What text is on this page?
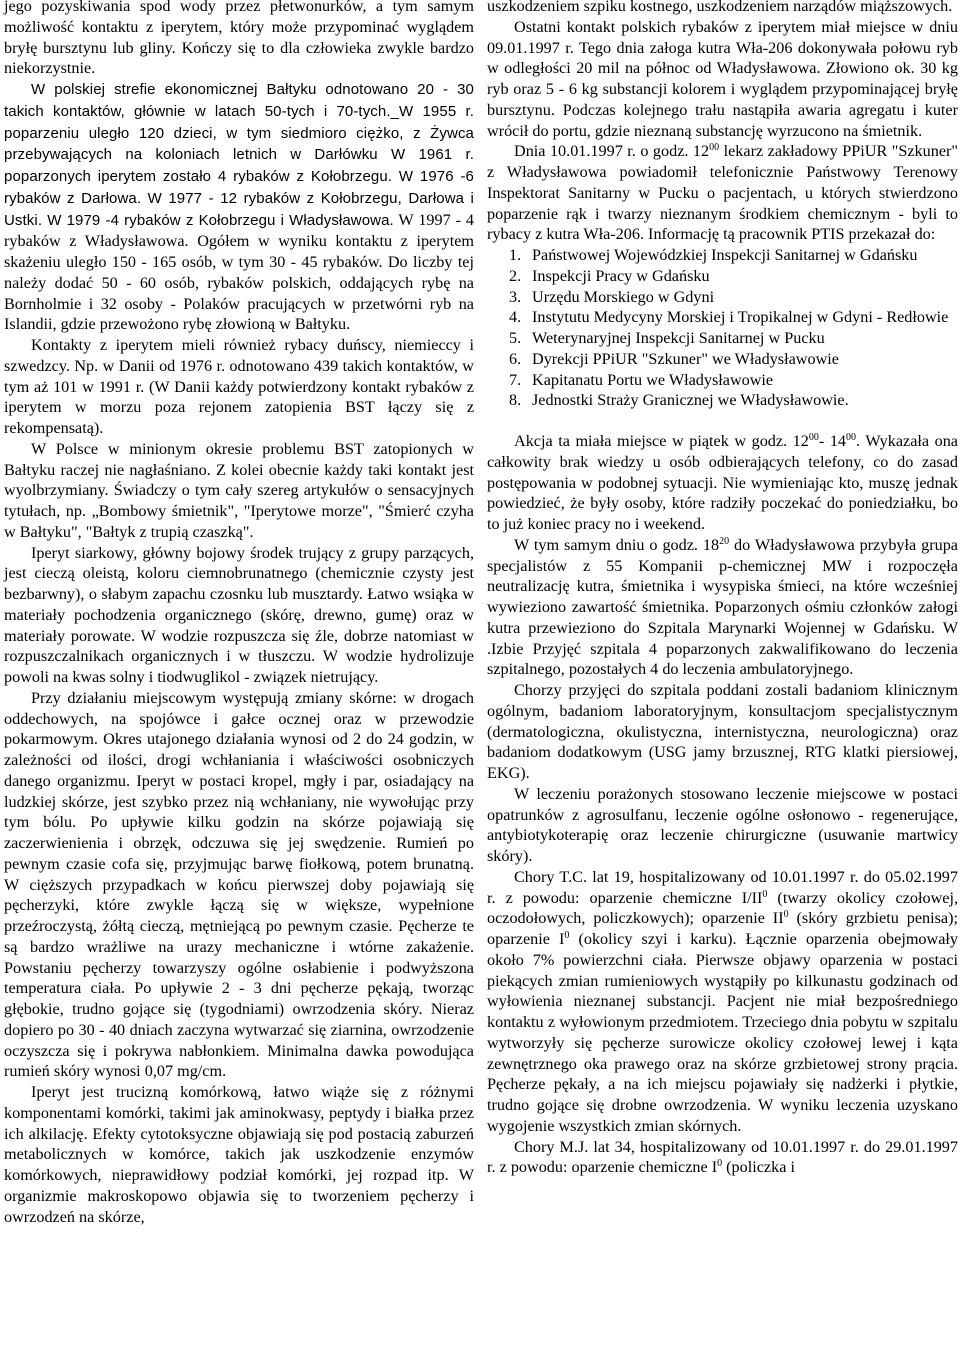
jego pozyskiwania spod wody przez płetwonurków, a tym samym możliwość kontaktu z iperytem, który może przypominać wyglądem bryłę bursztynu lub gliny. Kończy się to dla człowieka zwykle bardzo niekorzystnie.

W polskiej strefie ekonomicznej Bałtyku odnotowano 20 - 30 takich kontaktów, głównie w latach 50-tych i 70-tych._W 1955 r. poparzeniu uległo 120 dzieci, w tym siedmioro ciężko, z Żywca przebywających na koloniach letnich w Darłówku W 1961 r. poparzonych iperytem zostało 4 rybaków z Kołobrzegu. W 1976 -6 rybaków z Darłowa. W 1977 - 12 rybaków z Kołobrzegu, Darłowa i Ustki. W 1979 -4 rybaków z Kołobrzegu i Władysławowa. W 1997 - 4 rybaków z Władysławowa. Ogółem w wyniku kontaktu z iperytem skażeniu uległo 150 - 165 osób, w tym 30 - 45 rybaków. Do liczby tej należy dodać 50 - 60 osób, rybaków polskich, oddających rybę na Bornholmie i 32 osoby - Polaków pracujących w przetwórni ryb na Islandii, gdzie przewożono rybę złowioną w Bałtyku.

Kontakty z iperytem mieli również rybacy duńscy, niemieccy i szwedzcy. Np. w Danii od 1976 r. odnotowano 439 takich kontaktów, w tym aż 101 w 1991 r. (W Danii każdy potwierdzony kontakt rybaków z iperytem w morzu poza rejonem zatopienia BST łączy się z rekompensatą).

W Polsce w minionym okresie problemu BST zatopionych w Bałtyku raczej nie nagłaśniano. Z kolei obecnie każdy taki kontakt jest wyolbrzymiany. Świadczy o tym cały szereg artykułów o sensacyjnych tytułach, np. „Bombowy śmietnik", "Iperytowe morze", "Śmierć czyha w Bałtyku", "Bałtyk z trupią czaszką".

Iperyt siarkowy, główny bojowy środek trujący z grupy parzących, jest cieczą oleistą, koloru ciemnobrunatnego (chemicznie czysty jest bezbarwny), o słabym zapachu czosnku lub musztardy. Łatwo wsiąka w materiały pochodzenia organicznego (skórę, drewno, gumę) oraz w materiały porowate. W wodzie rozpuszcza się źle, dobrze natomiast w rozpuszczalnikach organicznych i w tłuszczu. W wodzie hydrolizuje powoli na kwas solny i tiodwuglikol - związek nietrujący.

Przy działaniu miejscowym występują zmiany skórne: w drogach oddechowych, na spojówce i gałce ocznej oraz w przewodzie pokarmowym. Okres utajonego działania wynosi od 2 do 24 godzin, w zależności od ilości, drogi wchłaniania i właściwości osobniczych danego organizmu. Iperyt w postaci kropel, mgły i par, osiadający na ludzkiej skórze, jest szybko przez nią wchłaniany, nie wywołując przy tym bólu. Po upływie kilku godzin na skórze pojawiają się zaczerwienienia i obrzęk, odczuwa się jej swędzenie. Rumień po pewnym czasie cofa się, przyjmując barwę fiołkową, potem brunatną. W cięższych przypadkach w końcu pierwszej doby pojawiają się pęcherzyki, które zwykle łączą się w większe, wypełnione przeźroczystą, żółtą cieczą, mętniejącą po pewnym czasie. Pęcherze te są bardzo wrażliwe na urazy mechaniczne i wtórne zakażenie. Powstaniu pęcherzy towarzyszy ogólne osłabienie i podwyższona temperatura ciała. Po upływie 2 - 3 dni pęcherze pękają, tworząc głębokie, trudno gojące się (tygodniami) owrzodzenia skóry. Nieraz dopiero po 30 - 40 dniach zaczyna wytwarzać się ziarnina, owrzodzenie oczyszcza się i pokrywa nabłonkiem. Minimalna dawka powodująca rumień skóry wynosi 0,07 mg/cm.

Iperyt jest trucizną komórkową, łatwo wiąże się z różnymi komponentami komórki, takimi jak aminokwasy, peptydy i białka przez ich alkilację. Efekty cytotoksyczne objawiają się pod postacią zaburzeń metabolicznych w komórce, takich jak uszkodzenie enzymów komórkowych, nieprawidłowy podział komórki, jej rozpad itp. W organizmie makroskopowo objawia się to tworzeniem pęcherzy i owrzodzeń na skórze,

uszkodzeniem szpiku kostnego, uszkodzeniem narządów miąższowych.

Ostatni kontakt polskich rybaków z iperytem miał miejsce w dniu 09.01.1997 r. Tego dnia załoga kutra Wła-206 dokonywała połowu ryb w odległości 20 mil na północ od Władysławowa. Złowiono ok. 30 kg ryb oraz 5 - 6 kg substancji kolorem i wyglądem przypominającej bryłę bursztynu. Podczas kolejnego trału nastąpiła awaria agregatu i kuter wrócił do portu, gdzie nieznaną substancję wyrzucono na śmietnik.

Dnia 10.01.1997 r. o godz. $12^{00}$ lekarz zakładowy PPiUR "Szkuner" z Władysławowa powiadomił telefonicznie Państwowy Terenowy Inspektorat Sanitarny w Pucku o pacjentach, u których stwierdzono poparzenie rąk i twarzy nieznanym środkiem chemicznym - byli to rybacy z kutra Wła-206. Informację tą pracownik PTIS przekazał do:

1. Państwowej Wojewódzkiej Inspekcji Sanitarnej w Gdańsku
2. Inspekcji Pracy w Gdańsku
3. Urzędu Morskiego w Gdyni
4. Instytutu Medycyny Morskiej i Tropikalnej w Gdyni - Redłowie
5. Weterynaryjnej Inspekcji Sanitarnej w Pucku
6. Dyrekcji PPiUR "Szkuner" we Władysławowie
7. Kapitanatu Portu we Władysławowie
8. Jednostki Straży Granicznej we Władysławowie.

Akcja ta miała miejsce w piątek w godz. $12^{00}-$ $14^{00}$. Wykazała ona całkowity brak wiedzy u osób odbierających telefony, co do zasad postępowania w podobnej sytuacji. Nie wymieniając kto, muszę jednak powiedzieć, że były osoby, które radziły poczekać do poniedziałku, bo to już koniec pracy no i weekend.

W tym samym dniu o godz. $18^{20}$ do Władysławowa przybyła grupa specjalistów z 55 Kompanii p-chemicznej MW i rozpoczęła neutralizację kutra, śmietnika i wysypiska śmieci, na które wcześniej wywieziono zawartość śmietnika. Poparzonych ośmiu członków załogi kutra przewieziono do Szpitala Marynarki Wojennej w Gdańsku. W .Izbie Przyjęć szpitala 4 poparzonych zakwalifikowano do leczenia szpitalnego, pozostałych 4 do leczenia ambulatoryjnego.

Chorzy przyjęci do szpitala poddani zostali badaniom klinicznym ogólnym, badaniom laboratoryjnym, konsultacjom specjalistycznym (dermatologiczna, okulistyczna, internistyczna, neurologiczna) oraz badaniom dodatkowym (USG jamy brzusznej, RTG klatki piersiowej, EKG).

W leczeniu porażonych stosowano leczenie miejscowe w postaci opatrunków z agrosulfanu, leczenie ogólne osłonowo - regenerujące, antybiotykoterapię oraz leczenie chirurgiczne (usuwanie martwicy skóry).

Chory T.C. lat 19, hospitalizowany od 10.01.1997 r. do 05.02.1997 r. z powodu: oparzenie chemiczne $I/II^0$ (twarzy okolicy czołowej, oczodołowych, policzkowych); oparzenie $II^0$ (skóry grzbietu penisa); oparzenie $I^0$ (okolicy szyi i karku). Łącznie oparzenia obejmowały około 7% powierzchni ciała. Pierwsze objawy oparzenia w postaci piekących zmian rumieniowych wystąpiły po kilkunastu godzinach od wyłowienia nieznanej substancji. Pacjent nie miał bezpośredniego kontaktu z wyłowionym przedmiotem. Trzeciego dnia pobytu w szpitalu wytworzyły się pęcherze surowicze okolicy czołowej lewej i kąta zewnętrznego oka prawego oraz na skórze grzbietowej strony prącia. Pęcherze pękały, a na ich miejscu pojawiały się nadżerki i płytkie, trudno gojące się drobne owrzodzenia. W wyniku leczenia uzyskano wygojenie wszystkich zmian skórnych.

Chory M.J. lat 34, hospitalizowany od 10.01.1997 r. do 29.01.1997 r. z powodu: oparzenie chemiczne $I^0$ (policzka i
